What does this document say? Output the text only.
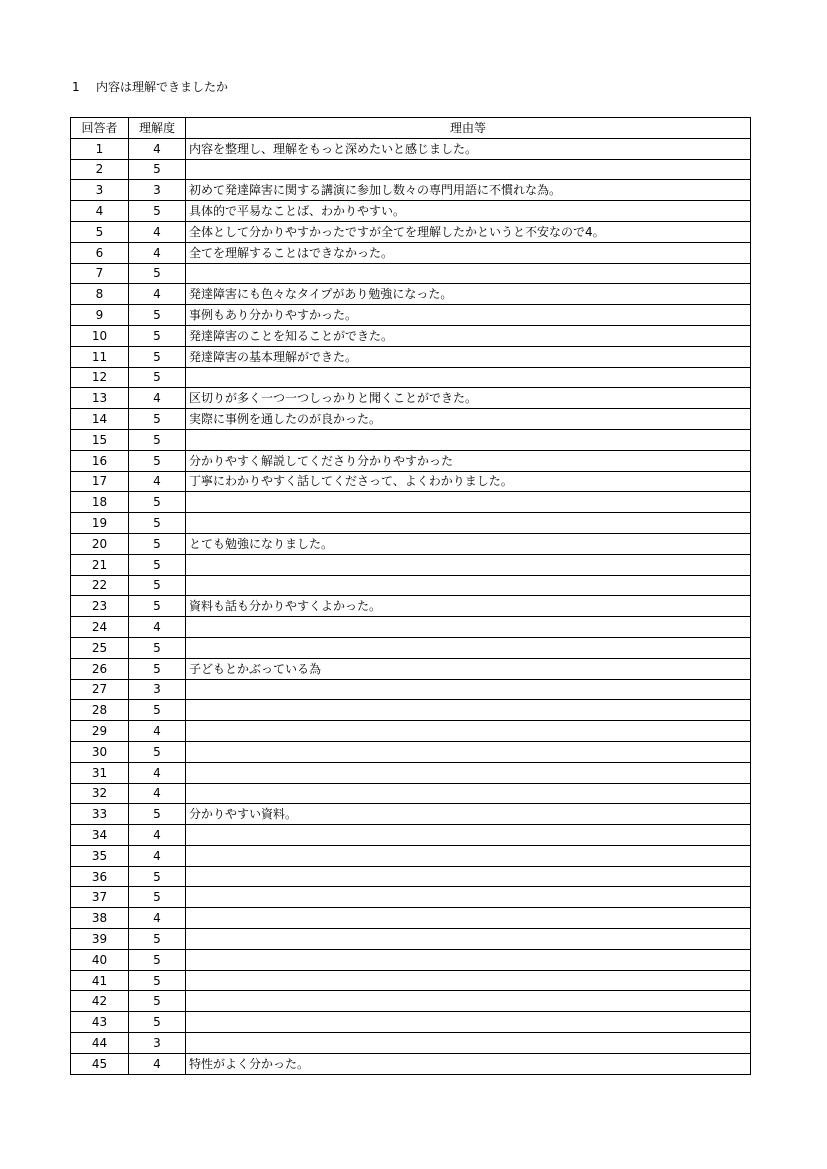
1 内容は理解できましたか
回答者	理解度	理由等
1	4	内容を整理し、理解をもっと深めたいと感じました。
2	5	
3	3	初めて発達障害に関する講演に参加し数々の専門用語に不慣れな為。
4	5	具体的で平易なことば、わかりやすい。
5	4	全体として分かりやすかったですが全てを理解したかというと不安なので4。
6	4	全てを理解することはできなかった。
7	5	
8	4	発達障害にも色々なタイプがあり勉強になった。
9	5	事例もあり分かりやすかった。
10	5	発達障害のことを知ることができた。
11	5	発達障害の基本理解ができた。
12	5	
13	4	区切りが多く一つ一つしっかりと聞くことができた。
14	5	実際に事例を通したのが良かった。
15	5	
16	5	分かりやすく解説してくださり分かりやすかった
17	4	丁寧にわかりやすく話してくださって、よくわかりました。
18	5	
19	5	
20	5	とても勉強になりました。
21	5	
22	5	
23	5	資料も話も分かりやすくよかった。
24	4	
25	5	
26	5	子どもとかぶっている為
27	3	
28	5	
29	4	
30	5	
31	4	
32	4	
33	5	分かりやすい資料。
34	4	
35	4	
36	5	
37	5	
38	4	
39	5	
40	5	
41	5	
42	5	
43	5	
44	3	
45	4	特性がよく分かった。
